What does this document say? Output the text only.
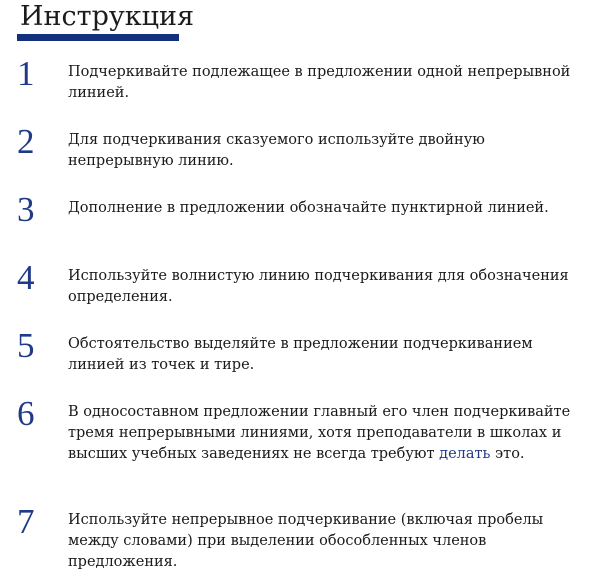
Инструкция
1 Подчеркивайте подлежащее в предложении одной непрерывной линией.
2 Для подчеркивания сказуемого используйте двойную непрерывную линию.
3 Дополнение в предложении обозначайте пунктирной линией.
4 Используйте волнистую линию подчеркивания для обозначения определения.
5 Обстоятельство выделяйте в предложении подчеркиванием линией из точек и тире.
6 В односоставном предложении главный его член подчеркивайте тремя непрерывными линиями, хотя преподаватели в школах и высших учебных заведениях не всегда требуют делать это.
7 Используйте непрерывное подчеркивание (включая пробелы между словами) при выделении обособленных членов предложения.
